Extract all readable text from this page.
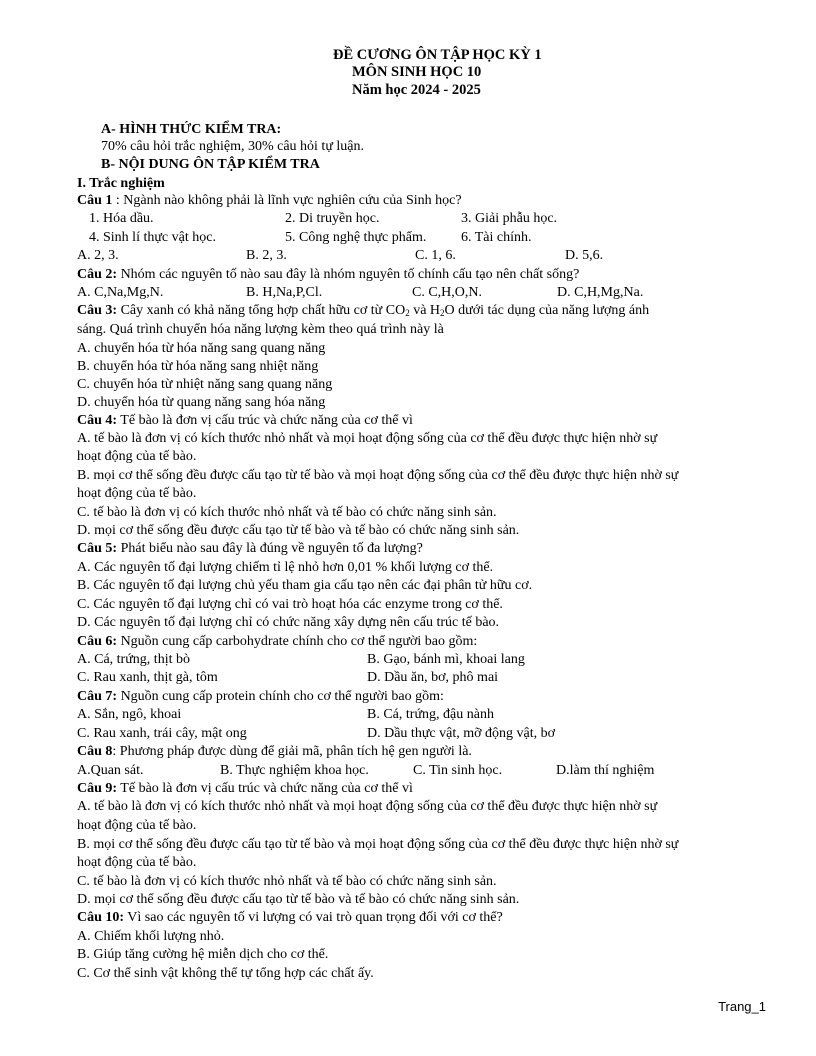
ĐỀ CƯƠNG ÔN TẬP HỌC KỲ 1
MÔN SINH HỌC 10
Năm học 2024 - 2025
A- HÌNH THỨC KIỂM TRA:
70% câu hỏi trắc nghiệm, 30% câu hỏi tự luận.
B- NỘI DUNG ÔN TẬP KIỂM TRA
I. Trắc nghiệm
Câu 1 : Ngành nào không phải là lĩnh vực nghiên cứu của Sinh học?
1. Hóa dầu.	2. Di truyền học.	3. Giải phẫu học.
4. Sinh lí thực vật học.	5. Công nghệ thực phẩm. 6. Tài chính.
A. 2, 3.	B. 2, 3.	C. 1, 6.	D. 5,6.
Câu 2: Nhóm các nguyên tố nào sau đây là nhóm nguyên tố chính cấu tạo nên chất sống?
A. C,Na,Mg,N.	B. H,Na,P,Cl.	C. C,H,O,N.	D. C,H,Mg,Na.
Câu 3: Cây xanh có khả năng tổng hợp chất hữu cơ từ $CO_2$ và $H_2O$ dưới tác dụng của năng lượng ánh
sáng. Quá trình chuyển hóa năng lượng kèm theo quá trình này là
A. chuyển hóa từ hóa năng sang quang năng
B. chuyển hóa từ hóa năng sang nhiệt năng
C. chuyển hóa từ nhiệt năng sang quang năng
D. chuyển hóa từ quang năng sang hóa năng
Câu 4: Tế bào là đơn vị cấu trúc và chức năng của cơ thể vì
A. tế bào là đơn vị có kích thước nhỏ nhất và mọi hoạt động sống của cơ thể đều được thực hiện nhờ sự
hoạt động của tế bào.
B. mọi cơ thể sống đều được cấu tạo từ tế bào và mọi hoạt động sống của cơ thể đều được thực hiện nhờ sự
hoạt động của tế bào.
C. tế bào là đơn vị có kích thước nhỏ nhất và tế bào có chức năng sinh sản.
D. mọi cơ thể sống đều được cấu tạo từ tế bào và tế bào có chức năng sinh sản.
Câu 5: Phát biểu nào sau đây là đúng về nguyên tố đa lượng?
A. Các nguyên tố đại lượng chiếm tỉ lệ nhỏ hơn 0,01 % khối lượng cơ thể.
B. Các nguyên tố đại lượng chủ yếu tham gia cấu tạo nên các đại phân tử hữu cơ.
C. Các nguyên tố đại lượng chỉ có vai trò hoạt hóa các enzyme trong cơ thể.
D. Các nguyên tố đại lượng chỉ có chức năng xây dựng nên cấu trúc tế bào.
Câu 6: Nguồn cung cấp carbohydrate chính cho cơ thể người bao gồm:
A. Cá, trứng, thịt bò	B. Gạo, bánh mì, khoai lang
C. Rau xanh, thịt gà, tôm	D. Dầu ăn, bơ, phô mai
Câu 7: Nguồn cung cấp protein chính cho cơ thể người bao gồm:
A. Sắn, ngô, khoai	B. Cá, trứng, đậu nành
C. Rau xanh, trái cây, mật ong	D. Dầu thực vật, mỡ động vật, bơ
Câu 8: Phương pháp được dùng để giải mã, phân tích hệ gen người là.
A.Quan sát.	B. Thực nghiệm khoa học.	C. Tin sinh học.	D.làm thí nghiệm
Câu 9: Tế bào là đơn vị cấu trúc và chức năng của cơ thể vì
A. tế bào là đơn vị có kích thước nhỏ nhất và mọi hoạt động sống của cơ thể đều được thực hiện nhờ sự
hoạt động của tế bào.
B. mọi cơ thể sống đều được cấu tạo từ tế bào và mọi hoạt động sống của cơ thể đều được thực hiện nhờ sự
hoạt động của tế bào.
C. tế bào là đơn vị có kích thước nhỏ nhất và tế bào có chức năng sinh sản.
D. mọi cơ thể sống đều được cấu tạo từ tế bào và tế bào có chức năng sinh sản.
Câu 10: Vì sao các nguyên tố vi lượng có vai trò quan trọng đối với cơ thể?
A. Chiếm khối lượng nhỏ.
B. Giúp tăng cường hệ miễn dịch cho cơ thể.
C. Cơ thể sinh vật không thể tự tổng hợp các chất ấy.
Trang_1
